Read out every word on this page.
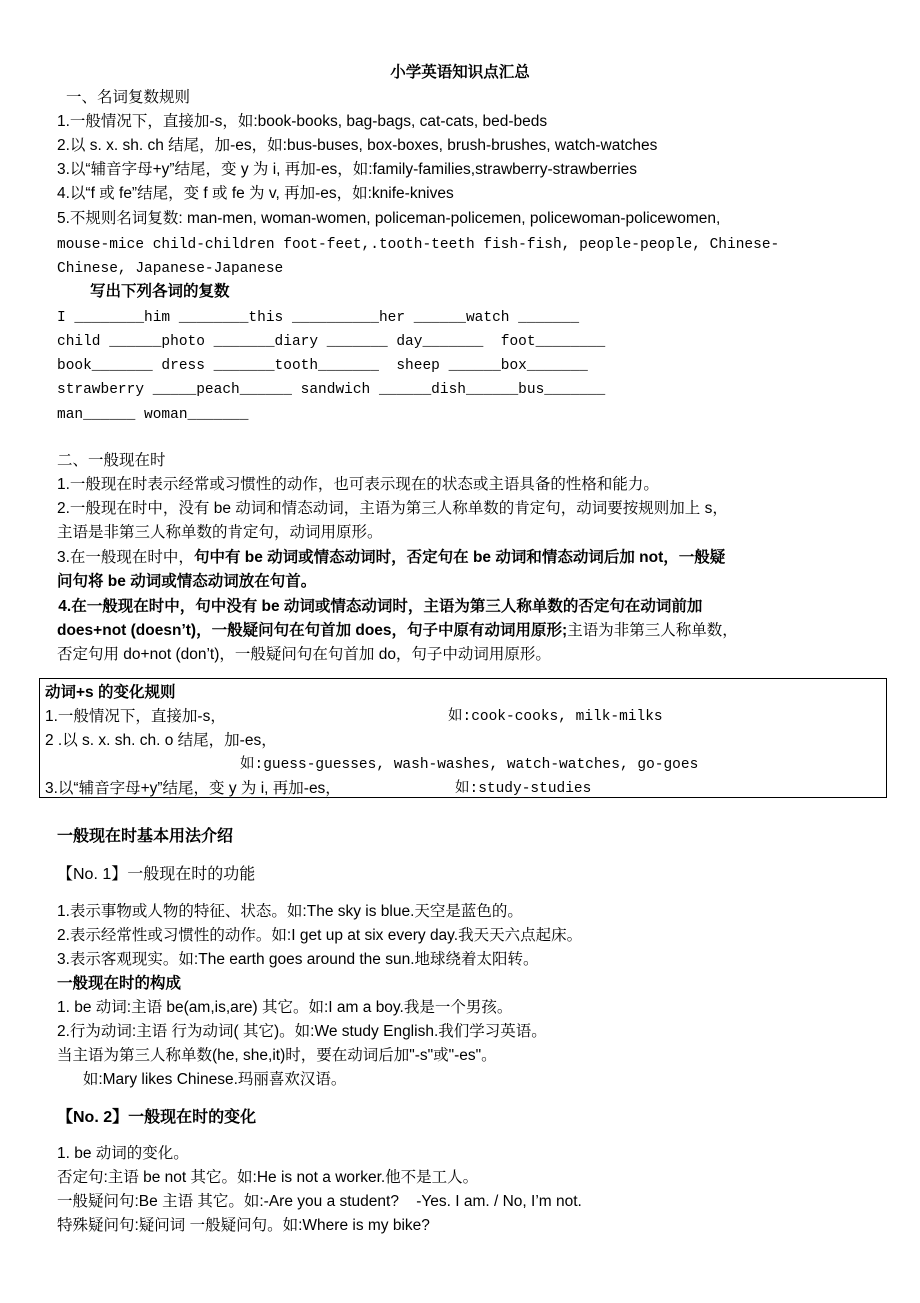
小学英语知识点汇总
一、名词复数规则
1.一般情况下，直接加-s，如:book-books, bag-bags, cat-cats, bed-beds
2.以 s. x. sh. ch 结尾，加-es，如:bus-buses, box-boxes, brush-brushes, watch-watches
3.以“辅音字母+y”结尾，变 y 为 i, 再加-es，如:family-families,strawberry-strawberries
4.以“f 或 fe”结尾，变 f 或 fe 为 v, 再加-es，如:knife-knives
5.不规则名词复数: man-men, woman-women, policeman-policemen, policewoman-policewomen,
mouse-mice child-children foot-feet,.tooth-teeth fish-fish, people-people, Chinese-
Chinese, Japanese-Japanese
写出下列各词的复数
I ________him ________this __________her ______watch _______
child ______photo _______diary _______ day_______  foot________
book_______ dress _______tooth_______  sheep ______box_______
strawberry _____peach______ sandwich ______dish______bus_______
man______ woman_______
二、一般现在时
1.一般现在时表示经常或习惯性的动作，也可表示现在的状态或主语具备的性格和能力。
2.一般现在时中，没有 be 动词和情态动词，主语为第三人称单数的肯定句，动词要按规则加上 s，
主语是非第三人称单数的肯定句，动词用原形。
3.在一般现在时中，句中有 be 动词或情态动词时，否定句在 be 动词和情态动词后加 not，一般疑
问句将 be 动词或情态动词放在句首。
4.在一般现在时中，句中没有 be 动词或情态动词时，主语为第三人称单数的否定句在动词前加
does+not (doesn’t)，一般疑问句在句首加 does，句子中原有动词用原形;主语为非第三人称单数，
否定句用 do+not (don’t)，一般疑问句在句首加 do，句子中动词用原形。
动词+s 的变化规则
1.一般情况下，直接加-s，	如:cook-cooks, milk-milks
2 .以 s. x. sh. ch. o 结尾，加-es，
如:guess-guesses, wash-washes, watch-watches, go-goes
3.以“辅音字母+y”结尾，变 y 为 i, 再加-es，	如:study-studies
一般现在时基本用法介绍
【No. 1】一般现在时的功能
1.表示事物或人物的特征、状态。如:The sky is blue.天空是蓝色的。
2.表示经常性或习惯性的动作。如:I get up at six every day.我天天六点起床。
3.表示客观现实。如:The earth goes around the sun.地球绕着太阳转。
一般现在时的构成
1. be 动词:主语 be(am,is,are) 其它。如:I am a boy.我是一个男孩。
2.行为动词:主语 行为动词( 其它)。如:We study English.我们学习英语。
当主语为第三人称单数(he, she,it)时，要在动词后加"-s"或"-es"。
如:Mary likes Chinese.玛丽喜欢汉语。
【No. 2】一般现在时的变化
1. be 动词的变化。
否定句:主语 be not 其它。如:He is not a worker.他不是工人。
一般疑问句:Be 主语 其它。如:-Are you a student?    -Yes. I am. / No, I’m not.
特殊疑问句:疑问词 一般疑问句。如:Where is my bike?
